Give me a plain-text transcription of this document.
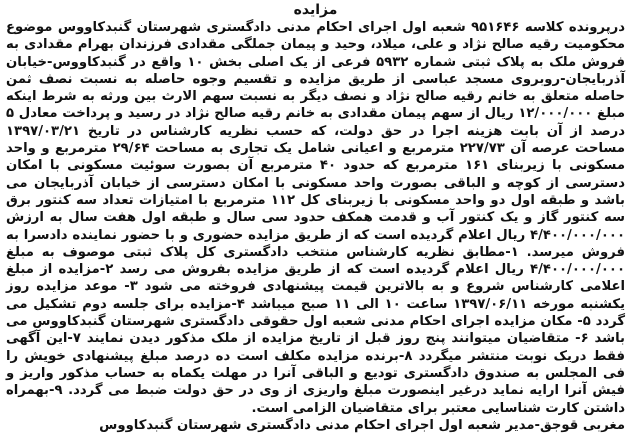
مزایده

درپرونده کلاسه ۹۵۱۶۴۶ شعبه اول اجرای احکام مدنی دادگستری شهرستان گنبدکاووس موضوع محکومیت رقیه صالح نژاد و علی، میلاد، وحید و پیمان جملگی مقدادی فرزندان بهرام مقدادی به فروش ملک به پلاک ثبتی شماره ۵۹۳۲ فرعی از یک اصلی بخش ۱۰ واقع در گنبدکاووس-خیابان آذربایجان-روبروی مسجد عباسی از طریق مزایده و تقسیم وجوه حاصله به نسبت نصف ثمن حاصله متعلق به خانم رقیه صالح نژاد و نصف دیگر به نسبت سهم الارث بین ورثه به شرط اینکه مبلغ ۱۲/۰۰۰/۰۰۰ ریال از سهم پیمان مقدادی به خانم رقیه صالح نژاد در رسید و پرداخت معادل ۵ درصد از آن بابت هزینه اجرا در حق دولت، که حسب نظریه کارشناس در تاریخ ۱۳۹۷/۰۳/۲۱ مساحت عرصه آن ۲۲۷/۷۳ مترمربع و اعیانی شامل یک تجاری به مساحت ۲۹/۶۴ مترمربع و واحد مسکونی با زیربنای ۱۶۱ مترمربع که حدود ۴۰ مترمربع آن بصورت سوئیت مسکونی با امکان دسترسی از کوچه و الباقی بصورت واحد مسکونی با امکان دسترسی از خیابان آذربایجان می باشد و طبقه اول دو واحد مسکونی با زیربنای کل ۱۱۲ مترمربع با امتیازات تعداد سه کنتور برق سه کنتور گاز و یک کنتور آب و قدمت همکف حدود سی سال و طبقه اول هفت سال به ارزش ۴/۴۰۰/۰۰۰/۰۰۰ ریال اعلام گردیده است که از طریق مزایده حضوری و با حضور نماینده دادسرا به فروش میرسد. ۱-مطابق نظریه کارشناس منتخب دادگستری کل پلاک ثبتی موصوف به مبلغ ۴/۴۰۰/۰۰۰/۰۰۰ ریال اعلام گردیده است که از طریق مزایده بفروش می رسد ۲-مزایده از مبلغ اعلامی کارشناس شروع و به بالاترین قیمت پیشنهادی فروخته می شود ۳- موعد مزایده روز یکشنبه مورخه ۱۳۹۷/۰۶/۱۱ ساعت ۱۰ الی ۱۱ صبح میباشد ۴-مزایده برای جلسه دوم تشکیل می گردد ۵- مکان مزایده اجرای احکام مدنی شعبه اول حقوقی دادگستری شهرستان گنبدکاووس می باشد ۶- متقاضیان میتوانند پنج روز قبل از تاریخ مزایده از ملک مذکور دیدن نمایند ۷-این آگهی فقط دریک نوبت منتشر میگردد ۸-برنده مزایده مکلف است ده درصد مبلغ پیشنهادی خویش را فی المجلس به صندوق دادگستری تودیع و الباقی آنرا در مهلت یکماه به حساب مذکور واریز و فیش آنرا ارایه نماید درغیر اینصورت مبلغ واریزی از وی در حق دولت ضبط می گردد. ۹-بهمراه داشتن کارت شناسایی معتبر برای متقاضیان الزامی است.

مغربی قوجق-مدیر شعبه اول اجرای احکام مدنی دادگستری شهرستان گنبدکاووس
